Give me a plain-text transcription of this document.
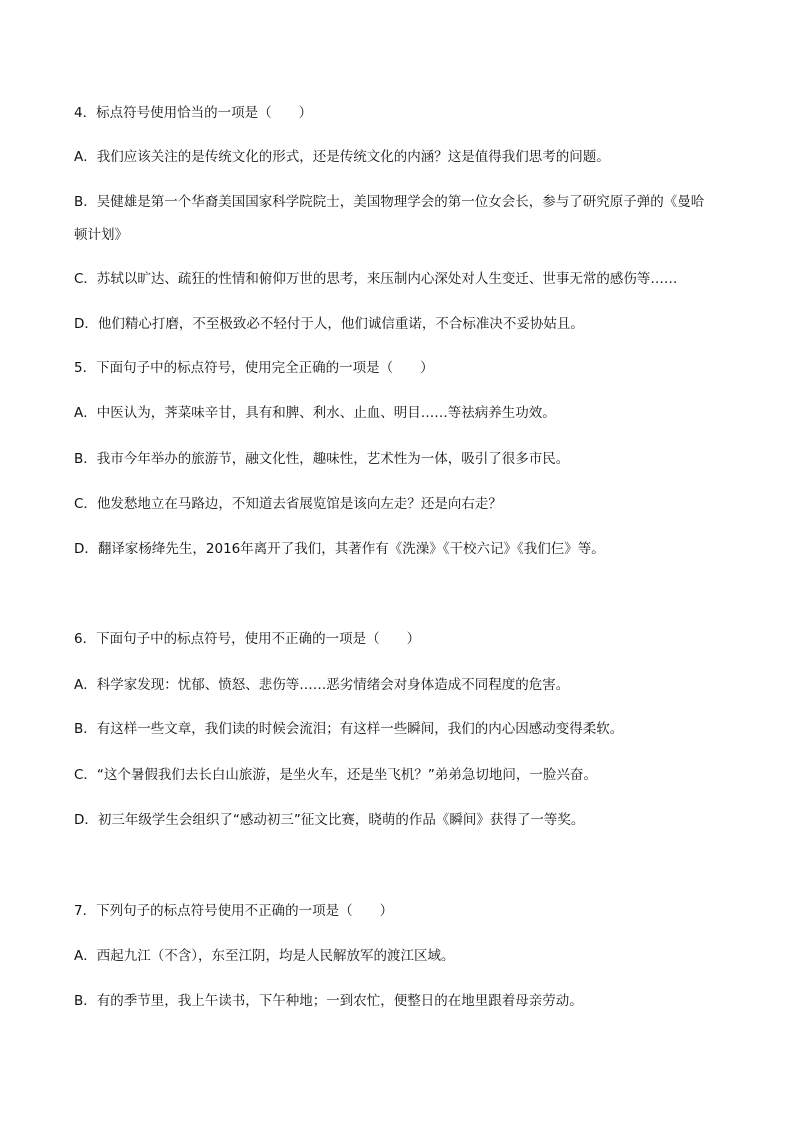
4．标点符号使用恰当的一项是（　　）
A．我们应该关注的是传统文化的形式，还是传统文化的内涵？这是值得我们思考的问题。
B．吴健雄是第一个华裔美国国家科学院院士，美国物理学会的第一位女会长，参与了研究原子弹的《曼哈
顿计划》
C．苏轼以旷达、疏狂的性情和俯仰万世的思考，来压制内心深处对人生变迁、世事无常的感伤等……
D．他们精心打磨，不至极致必不轻付于人，他们诚信重诺，不合标准决不妥协姑且。
5．下面句子中的标点符号，使用完全正确的一项是（　　）
A．中医认为，荠菜味辛甘，具有和脾、利水、止血、明目……等祛病养生功效。
B．我市今年举办的旅游节，融文化性，趣味性，艺术性为一体，吸引了很多市民。
C．他发愁地立在马路边，不知道去省展览馆是该向左走？还是向右走？
D．翻译家杨绛先生，2016年离开了我们，其著作有《洗澡》《干校六记》《我们仨》等。
6．下面句子中的标点符号，使用不正确的一项是（　　）
A．科学家发现：忧郁、愤怒、悲伤等……恶劣情绪会对身体造成不同程度的危害。
B．有这样一些文章，我们读的时候会流泪；有这样一些瞬间，我们的内心因感动变得柔软。
C．“这个暑假我们去长白山旅游，是坐火车，还是坐飞机？”弟弟急切地问，一脸兴奋。
D．初三年级学生会组织了“感动初三”征文比赛，晓萌的作品《瞬间》获得了一等奖。
7．下列句子的标点符号使用不正确的一项是（　　）
A．西起九江（不含），东至江阴，均是人民解放军的渡江区域。
B．有的季节里，我上午读书，下午种地；一到农忙，便整日的在地里跟着母亲劳动。
